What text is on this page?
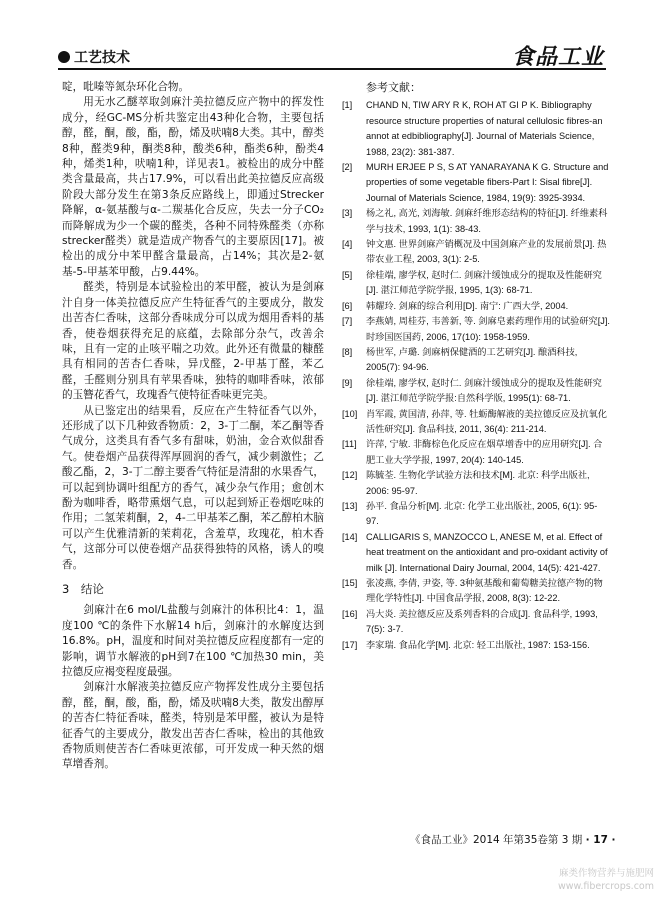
工艺技术	食品工业

啶，吡嗪等氮杂环化合物。

用无水乙醚萃取剑麻汁美拉德反应产物中的挥发性成分，经GC-MS分析共鉴定出43种化合物，主要包括醇，醛，酮，酸，酯，酚，烯及吠喃8大类。其中，醇类8种，醛类9种，酮类8种，酸类6种，酯类6种，酚类4种，烯类1种，吠喃1种，详见表1。被检出的成分中醛类含量最高，共占17.9%，可以看出此美拉德反应高级阶段大部分发生在第3条反应路线上，即通过Strecker降解，α-氨基酸与α-二羰基化合反应，失去一分子CO₂而降解成为少一个碳的醛类，各种不同特殊醛类（亦称strecker醛类）就是造成产物香气的主要原因[17]。被检出的成分中苯甲醛含量最高，占14%；其次是2-氨基-5-甲基苯甲酸，占9.44%。

醛类，特别是本试验检出的苯甲醛，被认为是剑麻汁自身一体美拉德反应产生特征香气的主要成分，散发出苦杏仁香味，这部分香味成分可以成为烟用香料的基香，使卷烟获得充足的底蕴，去除部分杂气，改善余味，且有一定的止咳平喘之功效。此外还有微量的糠醛具有相同的苦杏仁香味，异戊醛，2-甲基丁醛，苯乙醛，壬醛则分别具有苹果香味，独特的咖啡香味，浓郁的玉簪花香气，玫瑰香气使特征香味更完美。

从已鉴定出的结果看，反应在产生特征香气以外，还形成了以下几种致香物质：2，3-丁二酮，苯乙酮等香气成分，这类具有香气多有甜味，奶油，金合欢似甜香气。使卷烟产品获得浑厚圆润的香气，减少刺激性；乙酸乙酯，2，3-丁二醇主要香气特征是清甜的水果香气，可以起到协调叶组配方的香气，减少杂气作用；愈创木酚为咖啡香，略带熏烟气息，可以起到矫正卷烟吃味的作用；二氢茉莉酮，2，4-二甲基苯乙酮，苯乙醇柏木脑可以产生优雅清新的茉莉花，含羞草，玫瑰花，柏木香气，这部分可以使卷烟产品获得独特的风格，诱人的嗅香。

3　结论

剑麻汁在6 mol/L盐酸与剑麻汁的体积比4：1，温度100 ℃的条件下水解14 h后，剑麻汁的水解度达到16.8%。pH，温度和时间对美拉德反应程度都有一定的影响，调节水解液的pH到7在100 ℃加热30 min，美拉德反应褐变程度最强。

剑麻汁水解液美拉德反应产物挥发性成分主要包括醇，醛，酮，酸，酯，酚，烯及吠喃8大类，散发出醇厚的苦杏仁特征香味，醛类，特别是苯甲醛，被认为是特征香气的主要成分，散发出苦杏仁香味，检出的其他致香物质则使苦杏仁香味更浓郁，可开发成一种天然的烟草增香剂。

参考文献：
[1]	CHAND N, TIW ARY R K, ROH AT GI P K. Bibliography resource structure properties of natural cellulosic fibres-an annot at edbibliography[J]. Journal of Materials Science, 1988, 23(2): 381-387.
[2]	MURH ERJEE P S, S AT YANARAYANA K G. Structure and properties of some vegetable fibers-Part I: Sisal fibre[J]. Journal of Materials Science, 1984, 19(9): 3925-3934.
[3]	杨之礼, 高光, 刘海敏. 剑麻纤维形态结构的特征[J]. 纤维素科学与技术, 1993, 1(1): 38-43.
[4]	钟文惠. 世界剑麻产销概况及中国剑麻产业的发展前景[J]. 热带农业工程, 2003, 3(1): 2-5.
[5]	徐桂端, 廖学权, 赵时仁. 剑麻汁缓蚀成分的提取及性能研究[J]. 湛江师范学院学报, 1995, 1(3): 68-71.
[6]	韩耀玲. 剑麻的综合利用[D]. 南宁: 广西大学, 2004.
[7]	李燕婧, 周桂芬, 韦善新, 等. 剑麻皂素药理作用的试验研究[J]. 时珍国医国药, 2006, 17(10): 1958-1959.
[8]	杨世军, 卢璐. 剑麻柄保健酒的工艺研究[J]. 酿酒科技, 2005(7): 94-96.
[9]	徐桂端, 廖学权, 赵时仁. 剑麻汁缓蚀成分的提取及性能研究[J]. 湛江师范学院学报:自然科学版, 1995(1): 68-71.
[10] 肖军霞, 黄国清, 孙萍, 等. 牡蛎酶解液的美拉德反应及抗氧化活性研究[J]. 食品科技, 2011, 36(4): 211-214.
[11]	许萍, 宁敏. 非酶棕色化反应在烟草增香中的应用研究[J]. 合肥工业大学学报, 1997, 20(4): 140-145.
[12] 陈毓荃. 生物化学试验方法和技术[M]. 北京: 科学出版社, 2006: 95-97.
[13] 孙平. 食品分析[M]. 北京: 化学工业出版社, 2005, 6(1): 95-97.
[14] CALLIGARIS S, MANZOCCO L, ANESE M, et al. Effect of heat treatment on the antioxidant and pro-oxidant activity of milk [J]. International Dairy Journal, 2004, 14(5): 421-427.
[15] 张凌燕, 李倩, 尹姿, 等. 3种氨基酸和葡萄糖美拉德产物的物理化学特性[J]. 中国食品学报, 2008, 8(3): 12-22.
[16] 冯大炎. 美拉德反应及系列香料的合成[J]. 食品科学, 1993, 7(5): 3-7.
[17] 李家瑞. 食品化学[M]. 北京: 轻工出版社, 1987: 153-156.
《食品工业》2014 年第35卷第 3 期 · 17 ·
麻类作物营养与施肥网
www.fibercrops.com
